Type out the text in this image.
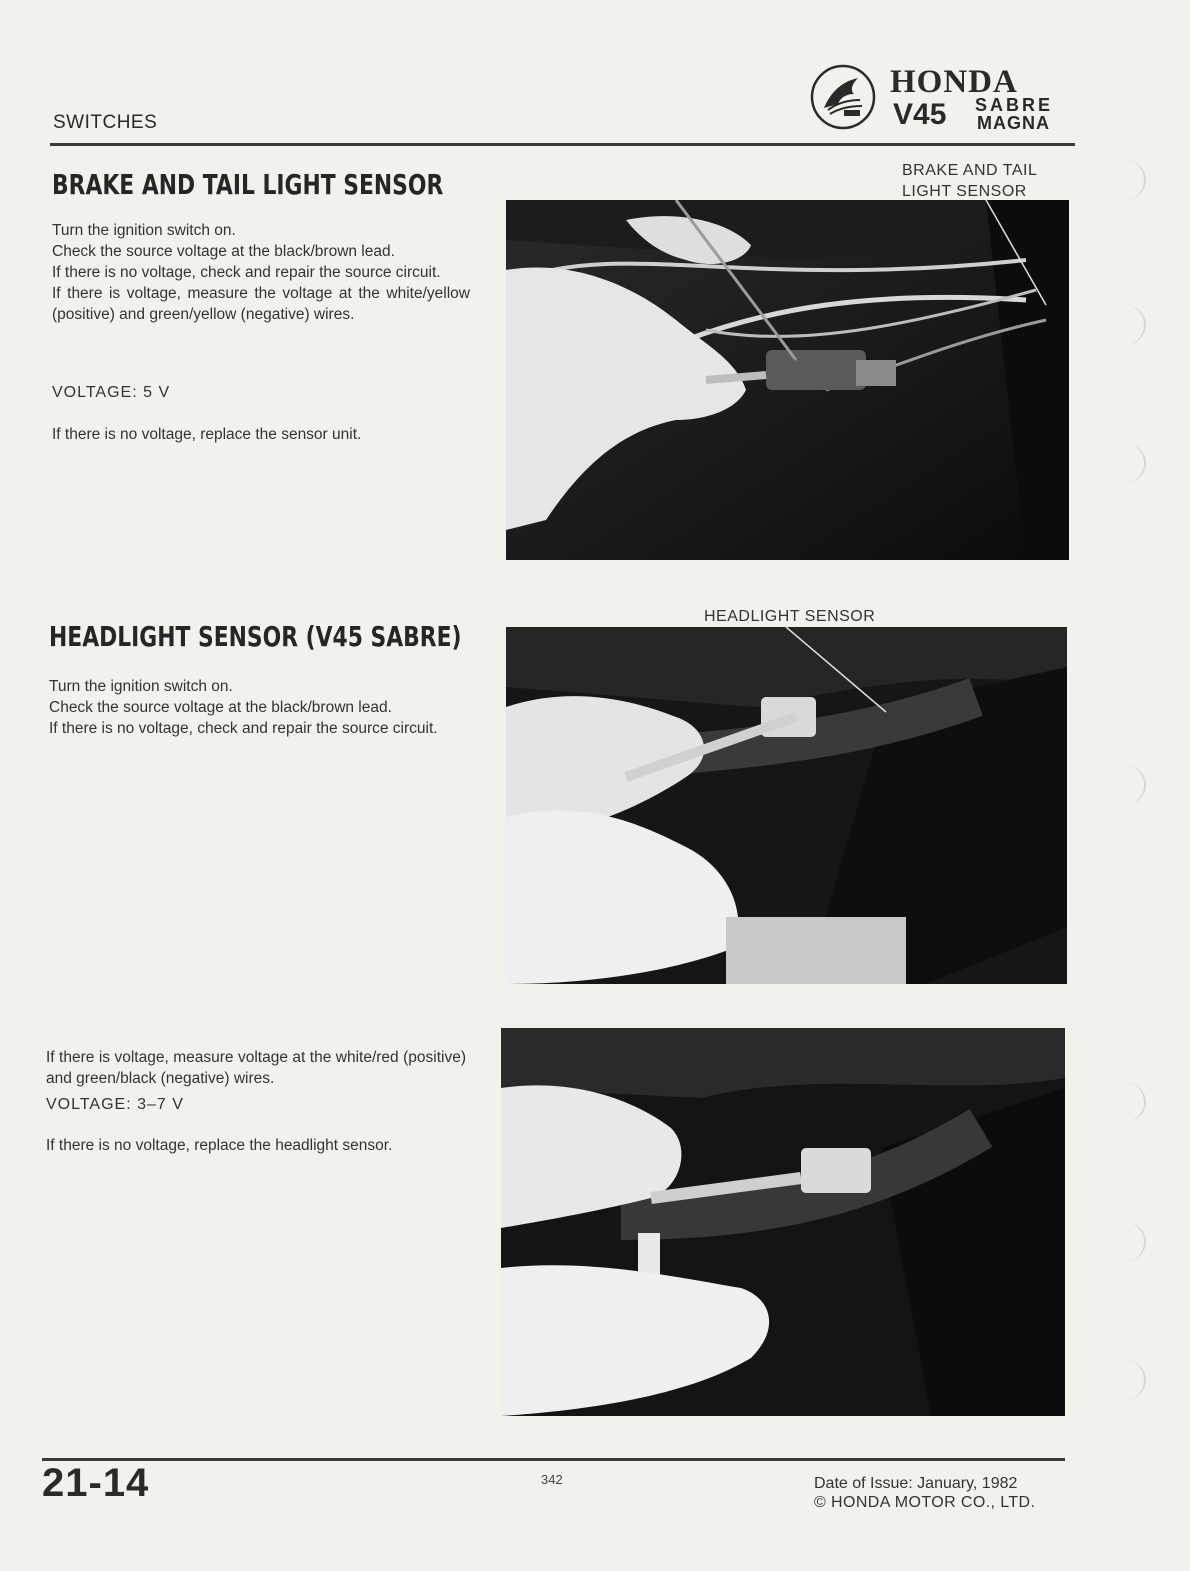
SWITCHES
HONDA
V45 SABRE
MAGNA
BRAKE AND TAIL LIGHT SENSOR

Turn the ignition switch on.

Check the source voltage at the black/brown lead.

If there is no voltage, check and repair the source circuit.

If there is voltage, measure the voltage at the white/yellow (positive) and green/yellow (negative) wires.

VOLTAGE: 5 V
If there is no voltage, replace the sensor unit.
BRAKE AND TAIL
LIGHT SENSOR
HEADLIGHT SENSOR (V45 SABRE)

Turn the ignition switch on.

Check the source voltage at the black/brown lead.

If there is no voltage, check and repair the source circuit.

HEADLIGHT SENSOR
If there is voltage, measure voltage at the white/red (positive) and green/black (negative) wires.
VOLTAGE: 3–7 V
If there is no voltage, replace the headlight sensor.
21-14	342	Date of Issue: January, 1982
© HONDA MOTOR CO., LTD.
